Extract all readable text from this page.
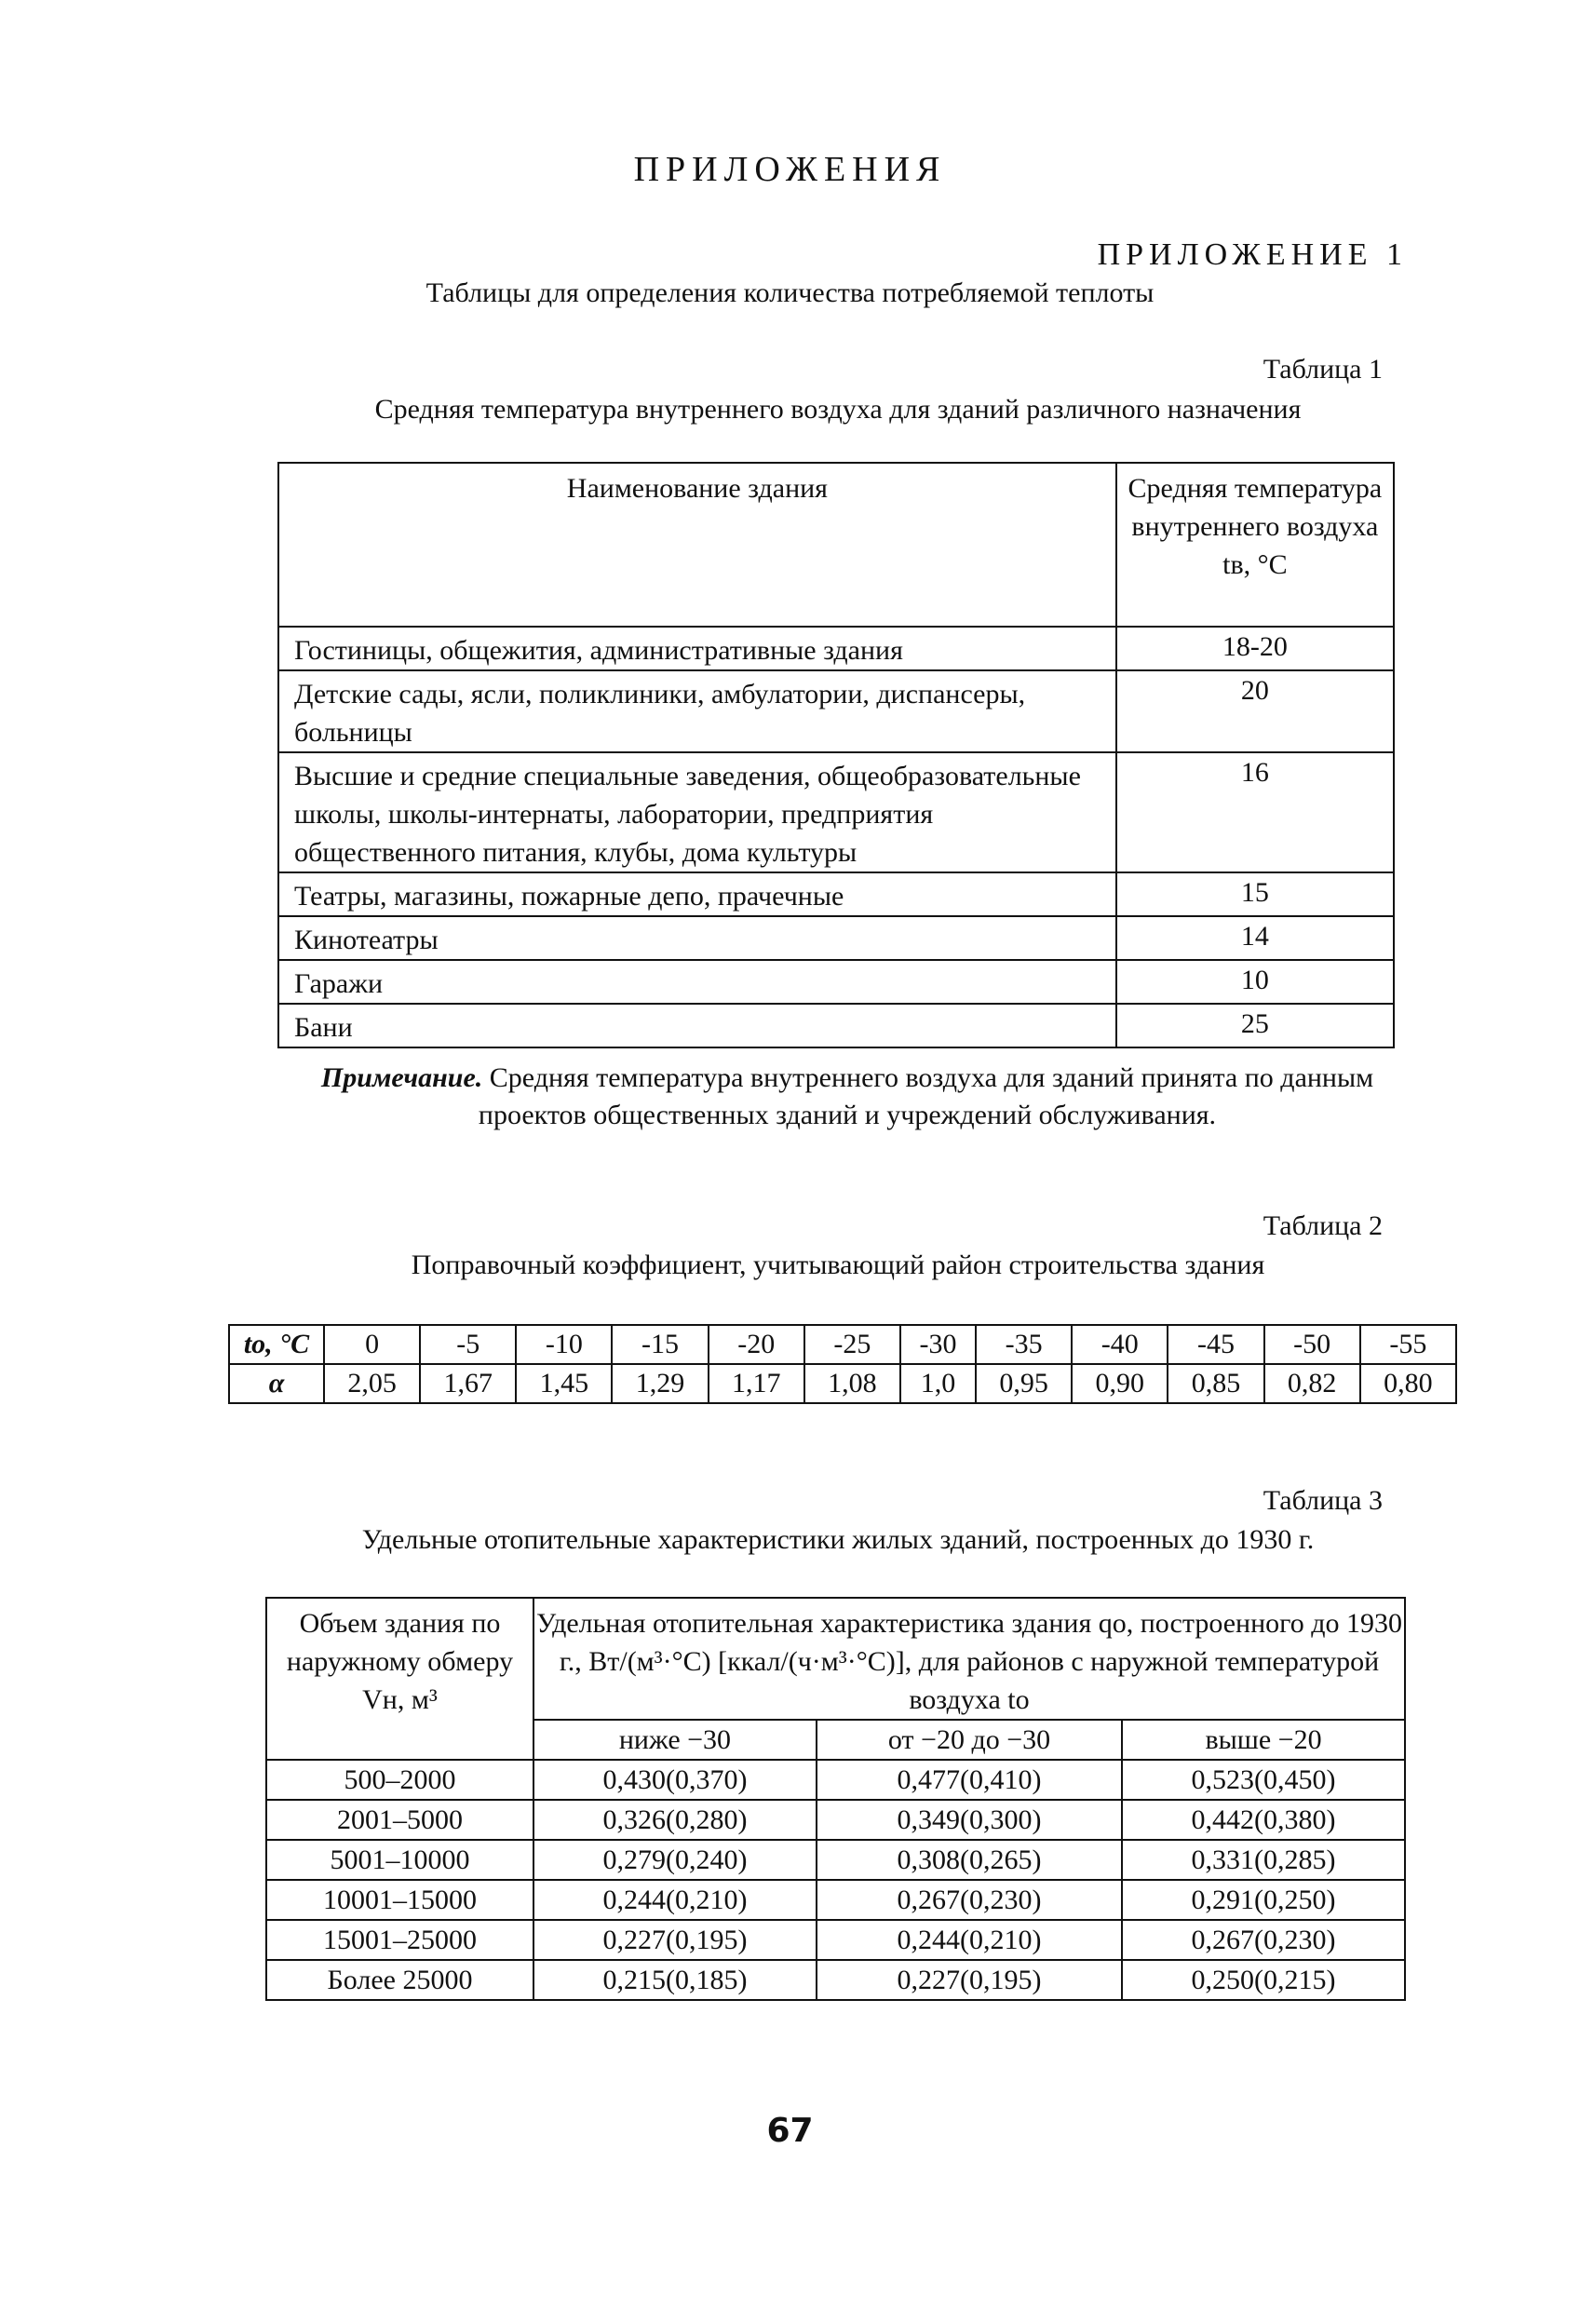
ПРИЛОЖЕНИЯ
ПРИЛОЖЕНИЕ 1
Таблицы для определения количества потребляемой теплоты
Таблица 1
Средняя температура внутреннего воздуха для зданий различного назначения
Наименование здания	Средняя температура внутреннего воздуха tв, °С
Гостиницы, общежития, административные здания	18-20
Детские сады, ясли, поликлиники, амбулатории, диспансеры, больницы	20
Высшие и средние специальные заведения, общеобразовательные школы, школы-интернаты, лаборатории, предприятия общественного питания, клубы, дома культуры	16
Театры, магазины, пожарные депо, прачечные	15
Кинотеатры	14
Гаражи	10
Бани	25
Примечание. Средняя температура внутреннего воздуха для зданий принята по данным проектов общественных зданий и учреждений обслуживания.
Таблица 2
Поправочный коэффициент, учитывающий район строительства здания
tо, °С	0	-5	-10	-15	-20	-25	-30	-35	-40	-45	-50	-55
α	2,05	1,67	1,45	1,29	1,17	1,08	1,0	0,95	0,90	0,85	0,82	0,80
Таблица 3
Удельные отопительные характеристики жилых зданий, построенных до 1930 г.
Объем здания по наружному обмеру Vн, м³	Удельная отопительная характеристика здания qо, построенного до 1930 г., Вт/(м³·°С) [ккал/(ч·м³·°С)], для районов с наружной температурой воздуха tо		
	ниже −30	от −20 до −30	выше −20
500–2000	0,430(0,370)	0,477(0,410)	0,523(0,450)
2001–5000	0,326(0,280)	0,349(0,300)	0,442(0,380)
5001–10000	0,279(0,240)	0,308(0,265)	0,331(0,285)
10001–15000	0,244(0,210)	0,267(0,230)	0,291(0,250)
15001–25000	0,227(0,195)	0,244(0,210)	0,267(0,230)
Более 25000	0,215(0,185)	0,227(0,195)	0,250(0,215)
67
